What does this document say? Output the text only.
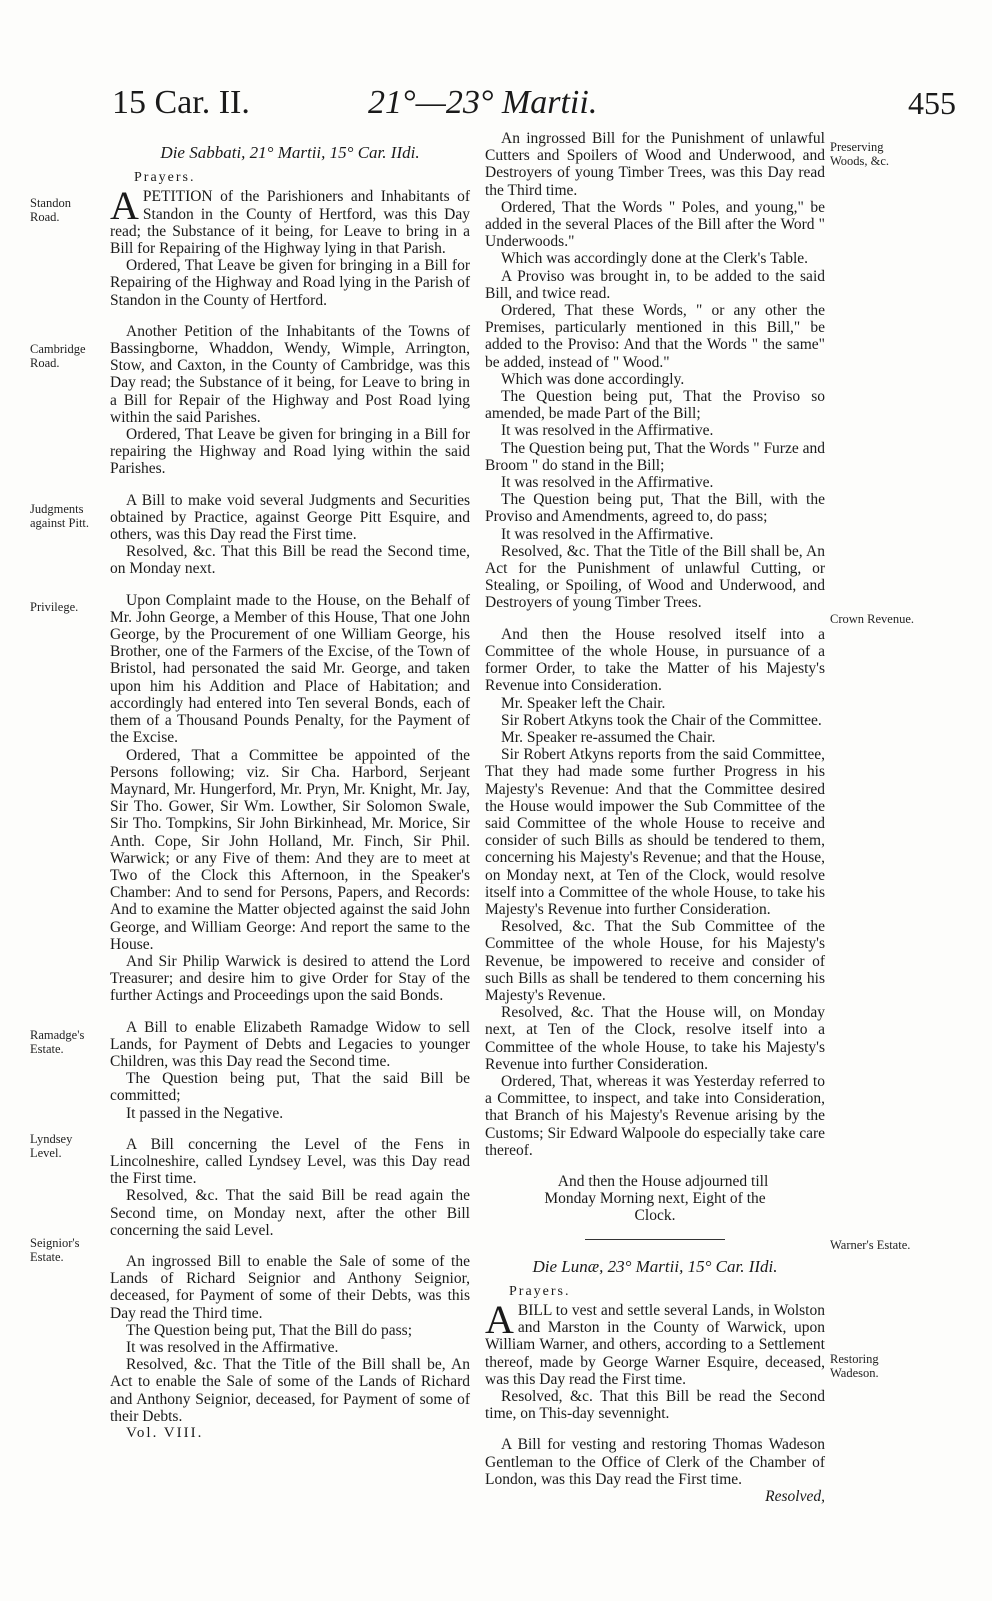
15 Car. II.	21°—23° Martii.	455
Standon Road.
Cambridge Road.
Judgments against Pitt.
Privilege.
Ramadge's Estate.
Lyndsey Level.
Seignior's Estate.
Preserving Woods, &c.
Crown Revenue.
Warner's Estate.
Restoring Wadeson.
Die Sabbati, 21° Martii, 15° Car. IIdi.
Prayers.

APETITION of the Parishioners and Inhabitants of Standon in the County of Hertford, was this Day read; the Substance of it being, for Leave to bring in a Bill for Repairing of the Highway lying in that Parish.

Ordered, That Leave be given for bringing in a Bill for Repairing of the Highway and Road lying in the Parish of Standon in the County of Hertford.

Another Petition of the Inhabitants of the Towns of Bassingborne, Whaddon, Wendy, Wimple, Arrington, Stow, and Caxton, in the County of Cambridge, was this Day read; the Substance of it being, for Leave to bring in a Bill for Repair of the Highway and Post Road lying within the said Parishes.

Ordered, That Leave be given for bringing in a Bill for repairing the Highway and Road lying within the said Parishes.

A Bill to make void several Judgments and Securities obtained by Practice, against George Pitt Esquire, and others, was this Day read the First time.

Resolved, &c. That this Bill be read the Second time, on Monday next.

Upon Complaint made to the House, on the Behalf of Mr. John George, a Member of this House, That one John George, by the Procurement of one William George, his Brother, one of the Farmers of the Excise, of the Town of Bristol, had personated the said Mr. George, and taken upon him his Addition and Place of Habitation; and accordingly had entered into Ten several Bonds, each of them of a Thousand Pounds Penalty, for the Payment of the Excise.

Ordered, That a Committee be appointed of the Persons following; viz. Sir Cha. Harbord, Serjeant Maynard, Mr. Hungerford, Mr. Pryn, Mr. Knight, Mr. Jay, Sir Tho. Gower, Sir Wm. Lowther, Sir Solomon Swale, Sir Tho. Tompkins, Sir John Birkinhead, Mr. Morice, Sir Anth. Cope, Sir John Holland, Mr. Finch, Sir Phil. Warwick; or any Five of them: And they are to meet at Two of the Clock this Afternoon, in the Speaker's Chamber: And to send for Persons, Papers, and Records: And to examine the Matter objected against the said John George, and William George: And report the same to the House.

And Sir Philip Warwick is desired to attend the Lord Treasurer; and desire him to give Order for Stay of the further Actings and Proceedings upon the said Bonds.

A Bill to enable Elizabeth Ramadge Widow to sell Lands, for Payment of Debts and Legacies to younger Children, was this Day read the Second time.

The Question being put, That the said Bill be committed;

It passed in the Negative.

A Bill concerning the Level of the Fens in Lincolneshire, called Lyndsey Level, was this Day read the First time.

Resolved, &c. That the said Bill be read again the Second time, on Monday next, after the other Bill concerning the said Level.

An ingrossed Bill to enable the Sale of some of the Lands of Richard Seignior and Anthony Seignior, deceased, for Payment of some of their Debts, was this Day read the Third time.

The Question being put, That the Bill do pass;

It was resolved in the Affirmative.

Resolved, &c. That the Title of the Bill shall be, An Act to enable the Sale of some of the Lands of Richard and Anthony Seignior, deceased, for Payment of some of their Debts.

Vol. VIII.

An ingrossed Bill for the Punishment of unlawful Cutters and Spoilers of Wood and Underwood, and Destroyers of young Timber Trees, was this Day read the Third time.

Ordered, That the Words " Poles, and young," be added in the several Places of the Bill after the Word " Underwoods."

Which was accordingly done at the Clerk's Table.

A Proviso was brought in, to be added to the said Bill, and twice read.

Ordered, That these Words, " or any other the Premises, particularly mentioned in this Bill," be added to the Proviso: And that the Words " the same" be added, instead of " Wood."

Which was done accordingly.

The Question being put, That the Proviso so amended, be made Part of the Bill;

It was resolved in the Affirmative.

The Question being put, That the Words " Furze and Broom " do stand in the Bill;

It was resolved in the Affirmative.

The Question being put, That the Bill, with the Proviso and Amendments, agreed to, do pass;

It was resolved in the Affirmative.

Resolved, &c. That the Title of the Bill shall be, An Act for the Punishment of unlawful Cutting, or Stealing, or Spoiling, of Wood and Underwood, and Destroyers of young Timber Trees.

And then the House resolved itself into a Committee of the whole House, in pursuance of a former Order, to take the Matter of his Majesty's Revenue into Consideration.

Mr. Speaker left the Chair.

Sir Robert Atkyns took the Chair of the Committee.

Mr. Speaker re-assumed the Chair.

Sir Robert Atkyns reports from the said Committee, That they had made some further Progress in his Majesty's Revenue: And that the Committee desired the House would impower the Sub Committee of the said Committee of the whole House to receive and consider of such Bills as should be tendered to them, concerning his Majesty's Revenue; and that the House, on Monday next, at Ten of the Clock, would resolve itself into a Committee of the whole House, to take his Majesty's Revenue into further Consideration.

Resolved, &c. That the Sub Committee of the Committee of the whole House, for his Majesty's Revenue, be impowered to receive and consider of such Bills as shall be tendered to them concerning his Majesty's Revenue.

Resolved, &c. That the House will, on Monday next, at Ten of the Clock, resolve itself into a Committee of the whole House, to take his Majesty's Revenue into further Consideration.

Ordered, That, whereas it was Yesterday referred to a Committee, to inspect, and take into Consideration, that Branch of his Majesty's Revenue arising by the Customs; Sir Edward Walpoole do especially take care thereof.

And then the House adjourned till Monday Morning next, Eight of the Clock.

Die Lunæ, 23° Martii, 15° Car. IIdi.
Prayers.

ABILL to vest and settle several Lands, in Wolston and Marston in the County of Warwick, upon William Warner, and others, according to a Settlement thereof, made by George Warner Esquire, deceased, was this Day read the First time.

Resolved, &c. That this Bill be read the Second time, on This-day sevennight.

A Bill for vesting and restoring Thomas Wadeson Gentleman to the Office of Clerk of the Chamber of London, was this Day read the First time.

Resolved,
